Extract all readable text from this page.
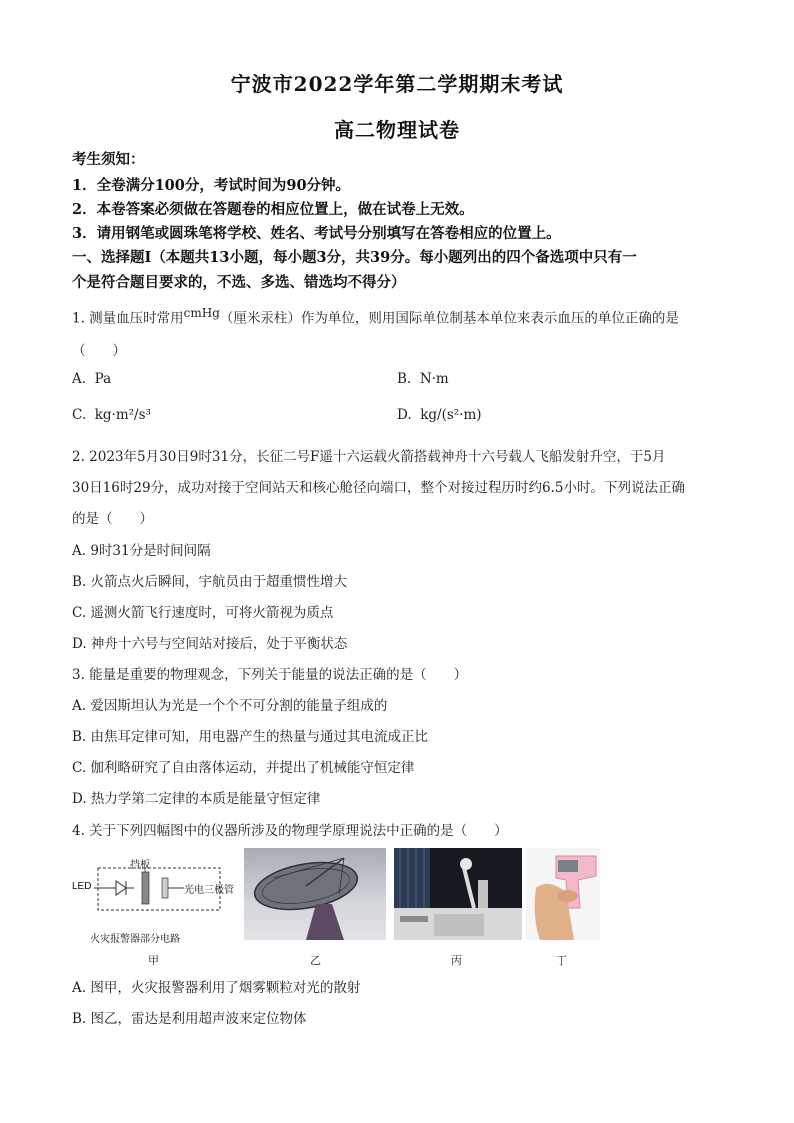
宁波市2022学年第二学期期末考试
高二物理试卷
考生须知：
1．全卷满分100分，考试时间为90分钟。
2．本卷答案必须做在答题卷的相应位置上，做在试卷上无效。
3．请用钢笔或圆珠笔将学校、姓名、考试号分别填写在答卷相应的位置上。
一、选择题Ⅰ（本题共13小题，每小题3分，共39分。每小题列出的四个备选项中只有一
个是符合题目要求的，不选、多选、错选均不得分）
1. 测量血压时常用$^{cmHg}$（厘米汞柱）作为单位，则用国际单位制基本单位来表示血压的单位正确的是
（　　）
A. Pa	B. N·m
C. kg·m²/s³	D. kg/(s²·m)
2. 2023年5月30日9时31分，长征二号F遥十六运载火箭搭载神舟十六号载人飞船发射升空，于5月
30日16时29分，成功对接于空间站天和核心舱径向端口，整个对接过程历时约6.5小时。下列说法正确
的是（　　）
A. 9时31分是时间间隔
B. 火箭点火后瞬间，宇航员由于超重惯性增大
C. 遥测火箭飞行速度时，可将火箭视为质点
D. 神舟十六号与空间站对接后，处于平衡状态
3. 能量是重要的物理观念，下列关于能量的说法正确的是（　　）
A. 爱因斯坦认为光是一个个不可分割的能量子组成的
B. 由焦耳定律可知，用电器产生的热量与通过其电流成正比
C. 伽利略研究了自由落体运动，并提出了机械能守恒定律
D. 热力学第二定律的本质是能量守恒定律
4. 关于下列四幅图中的仪器所涉及的物理学原理说法中正确的是（　　）
LED
挡板
光电三极管
火灾报警器部分电路
甲	乙	丙	丁
A. 图甲，火灾报警器利用了烟雾颗粒对光的散射
B. 图乙，雷达是利用超声波来定位物体
